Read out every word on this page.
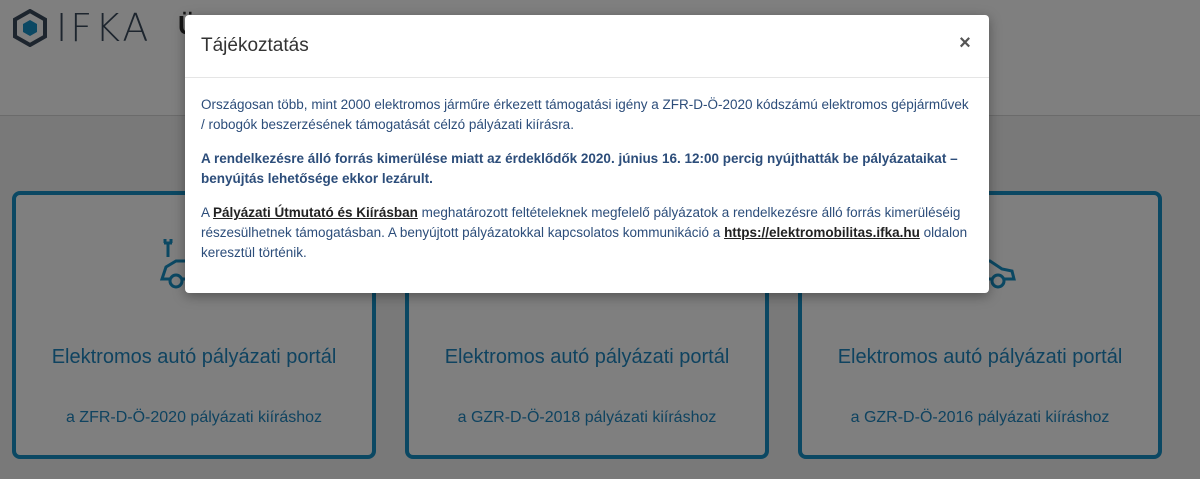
Tájékoztatás	×

Országosan több, mint 2000 elektromos járműre érkezett támogatási igény a ZFR-D-Ö-2020 kódszámú elektromos gépjárművek / robogók beszerzésének támogatását célzó pályázati kiírásra.

A rendelkezésre álló forrás kimerülése miatt az érdeklődők 2020. június 16. 12:00 percig nyújthatták be pályázataikat – benyújtás lehetősége ekkor lezárult.

A Pályázati Útmutató és Kiírásban meghatározott feltételeknek megfelelő pályázatok a rendelkezésre álló forrás kimerüléséig részesülhetnek támogatásban. A benyújtott pályázatokkal kapcsolatos kommunikáció a https://elektromobilitas.ifka.hu oldalon keresztül történik.
